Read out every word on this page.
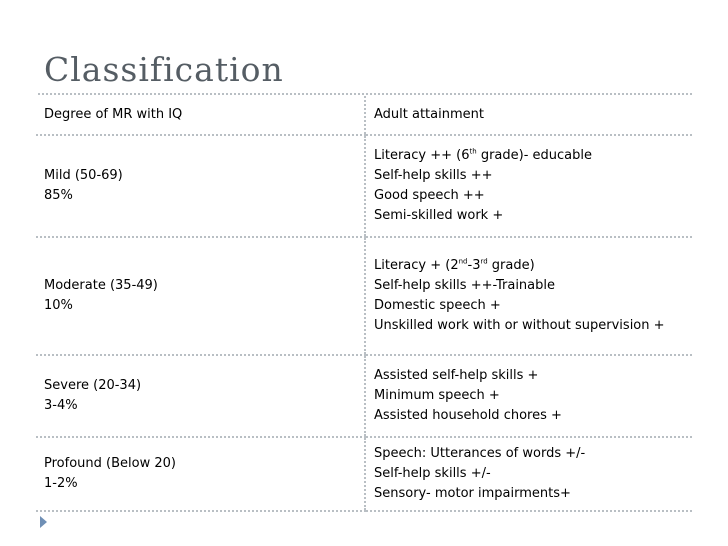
Classification
Degree of MR with IQ	Adult attainment

Mild (50-69)
85%	Literacy ++ (6th grade)- educable
Self-help skills ++
Good speech ++
Semi-skilled work +

Moderate (35-49)
10%	Literacy + (2nd-3rd grade)
Self-help skills ++-Trainable
Domestic speech +
Unskilled work with or without supervision +

Severe (20-34)
3-4%	Assisted self-help skills +
Minimum speech +
Assisted household chores +

Profound (Below 20)
1-2%	Speech: Utterances of words +/-
Self-help skills +/-
Sensory- motor impairments+
